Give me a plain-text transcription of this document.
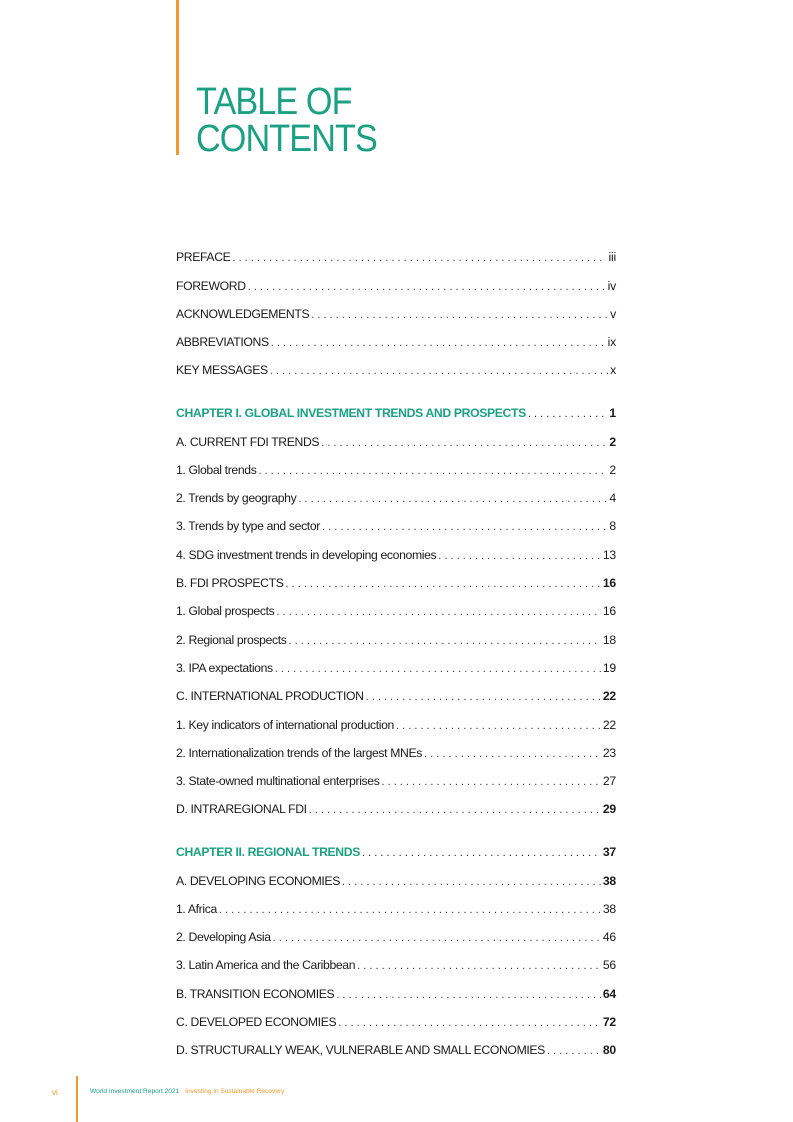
TABLE OF
CONTENTS
PREFACE . . .	iii
FOREWORD . . .	iv
ACKNOWLEDGEMENTS . . .	v
ABBREVIATIONS . . .	ix
KEY MESSAGES . . .	x
CHAPTER I. GLOBAL INVESTMENT TRENDS AND PROSPECTS . . .	1
A. CURRENT FDI TRENDS . . .	2
1. Global trends . . .	2
2. Trends by geography . . .	4
3. Trends by type and sector . . .	8
4. SDG investment trends in developing economies . . .	13
B. FDI PROSPECTS . . .	16
1. Global prospects . . .	16
2. Regional prospects . . .	18
3. IPA expectations . . .	19
C. INTERNATIONAL PRODUCTION . . .	22
1. Key indicators of international production . . .	22
2. Internationalization trends of the largest MNEs . . .	23
3. State-owned multinational enterprises . . .	27
D. INTRAREGIONAL FDI . . .	29
CHAPTER II. REGIONAL TRENDS . . .	37
A. DEVELOPING ECONOMIES . . .	38
1. Africa . . .	38
2. Developing Asia . . .	46
3. Latin America and the Caribbean . . .	56
B. TRANSITION ECONOMIES . . .	64
C. DEVELOPED ECONOMIES . . .	72
D. STRUCTURALLY WEAK, VULNERABLE AND SMALL ECONOMIES . . .	80
vi	World Investment Report 2021 Investing in Sustainable Recovery
